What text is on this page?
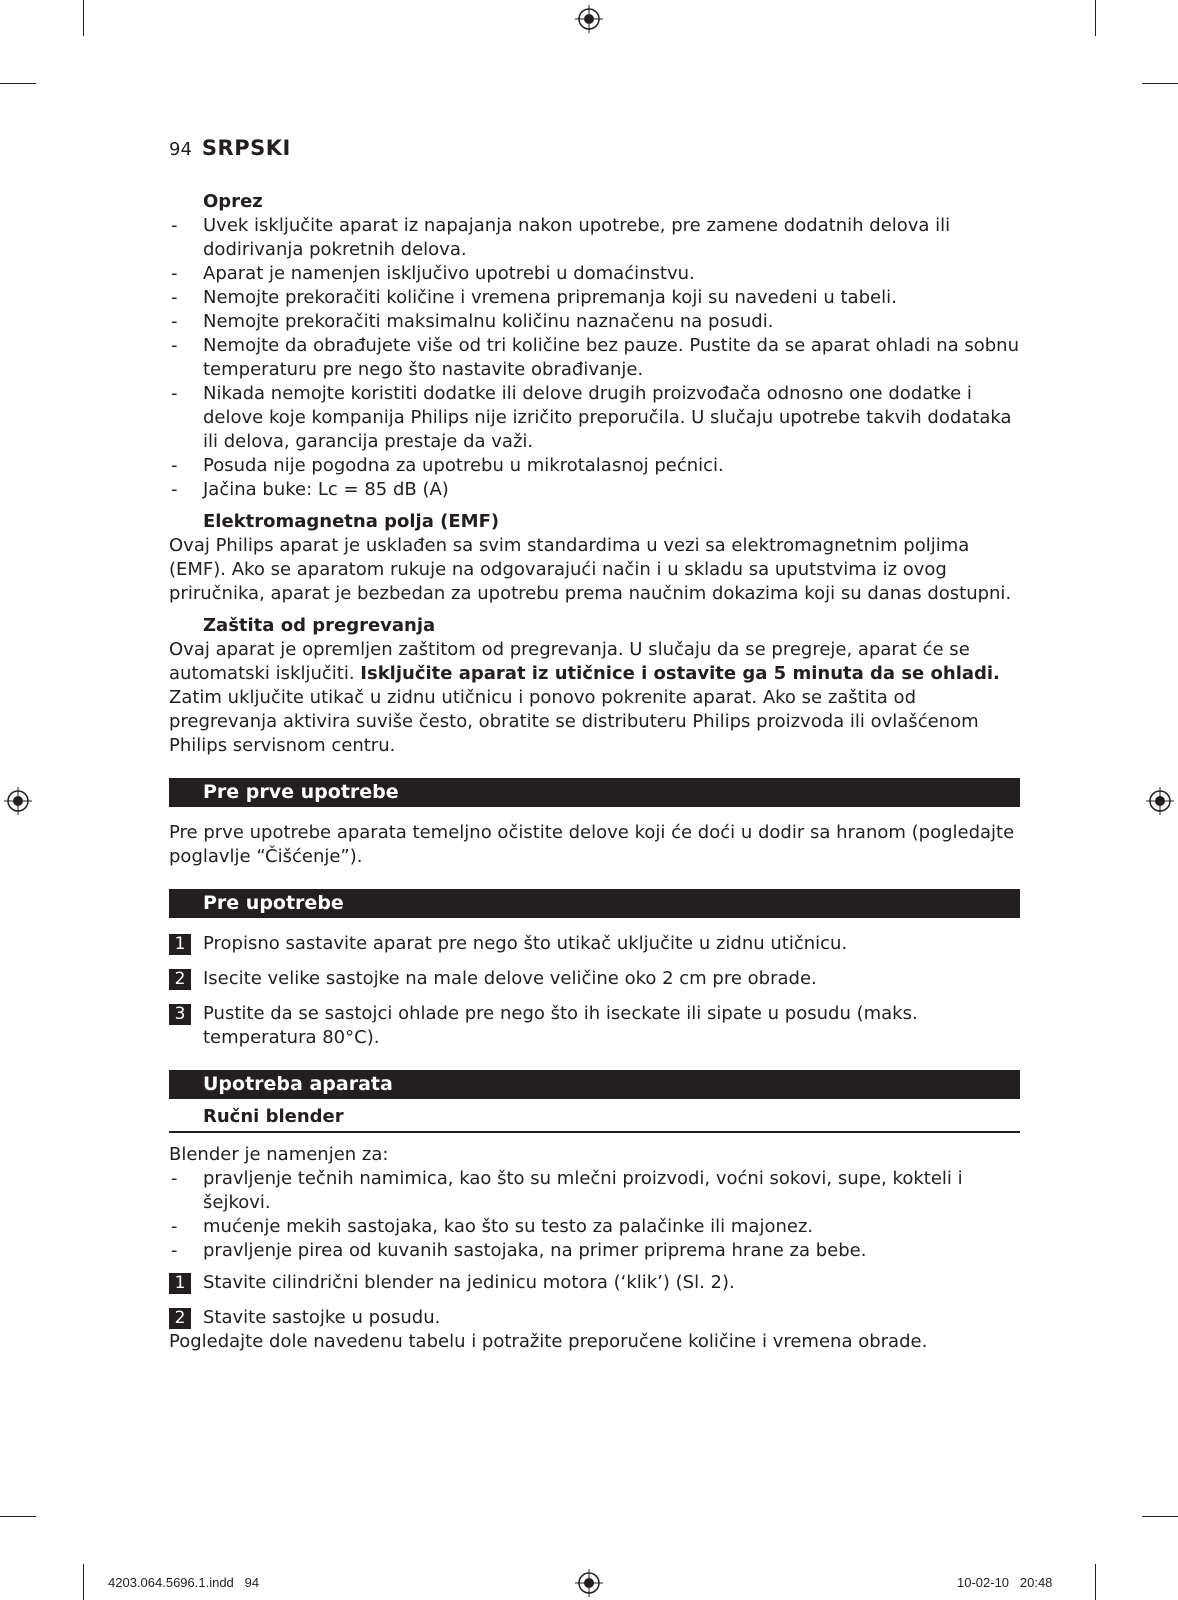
94 SRPSKI
Oprez
- Uvek isključite aparat iz napajanja nakon upotrebe, pre zamene dodatnih delova ili dodirivanja pokretnih delova.
- Aparat je namenjen isključivo upotrebi u domaćinstvu.
- Nemojte prekoračiti količine i vremena pripremanja koji su navedeni u tabeli.
- Nemojte prekoračiti maksimalnu količinu naznačenu na posudi.
- Nemojte da obrađujete više od tri količine bez pauze. Pustite da se aparat ohladi na sobnu temperaturu pre nego što nastavite obrađivanje.
- Nikada nemojte koristiti dodatke ili delove drugih proizvođača odnosno one dodatke i delove koje kompanija Philips nije izričito preporučila. U slučaju upotrebe takvih dodataka ili delova, garancija prestaje da važi.
- Posuda nije pogodna za upotrebu u mikrotalasnoj pećnici.
- Jačina buke: Lc = 85 dB (A)
Elektromagnetna polja (EMF)
Ovaj Philips aparat je usklađen sa svim standardima u vezi sa elektromagnetnim poljima (EMF). Ako se aparatom rukuje na odgovarajući način i u skladu sa uputstvima iz ovog priručnika, aparat je bezbedan za upotrebu prema naučnim dokazima koji su danas dostupni.
Zaštita od pregrevanja
Ovaj aparat je opremljen zaštitom od pregrevanja. U slučaju da se pregreje, aparat će se automatski isključiti. Isključite aparat iz utičnice i ostavite ga 5 minuta da se ohladi. Zatim uključite utikač u zidnu utičnicu i ponovo pokrenite aparat. Ako se zaštita od pregrevanja aktivira suviše često, obratite se distributeru Philips proizvoda ili ovlašćenom Philips servisnom centru.
Pre prve upotrebe
Pre prve upotrebe aparata temeljno očistite delove koji će doći u dodir sa hranom (pogledajte poglavlje “Čišćenje”).
Pre upotrebe
1 Propisno sastavite aparat pre nego što utikač uključite u zidnu utičnicu.
2 Isecite velike sastojke na male delove veličine oko 2 cm pre obrade.
3 Pustite da se sastojci ohlade pre nego što ih iseckate ili sipate u posudu (maks. temperatura 80°C).
Upotreba aparata
Ručni blender
Blender je namenjen za:
- pravljenje tečnih namimica, kao što su mlečni proizvodi, voćni sokovi, supe, kokteli i šejkovi.
- mućenje mekih sastojaka, kao što su testo za palačinke ili majonez.
- pravljenje pirea od kuvanih sastojaka, na primer priprema hrane za bebe.
1 Stavite cilindrični blender na jedinicu motora (‘klik’) (Sl. 2).
2 Stavite sastojke u posudu.
Pogledajte dole navedenu tabelu i potražite preporučene količine i vremena obrade.
4203.064.5696.1.indd   94	10-02-10   20:48
